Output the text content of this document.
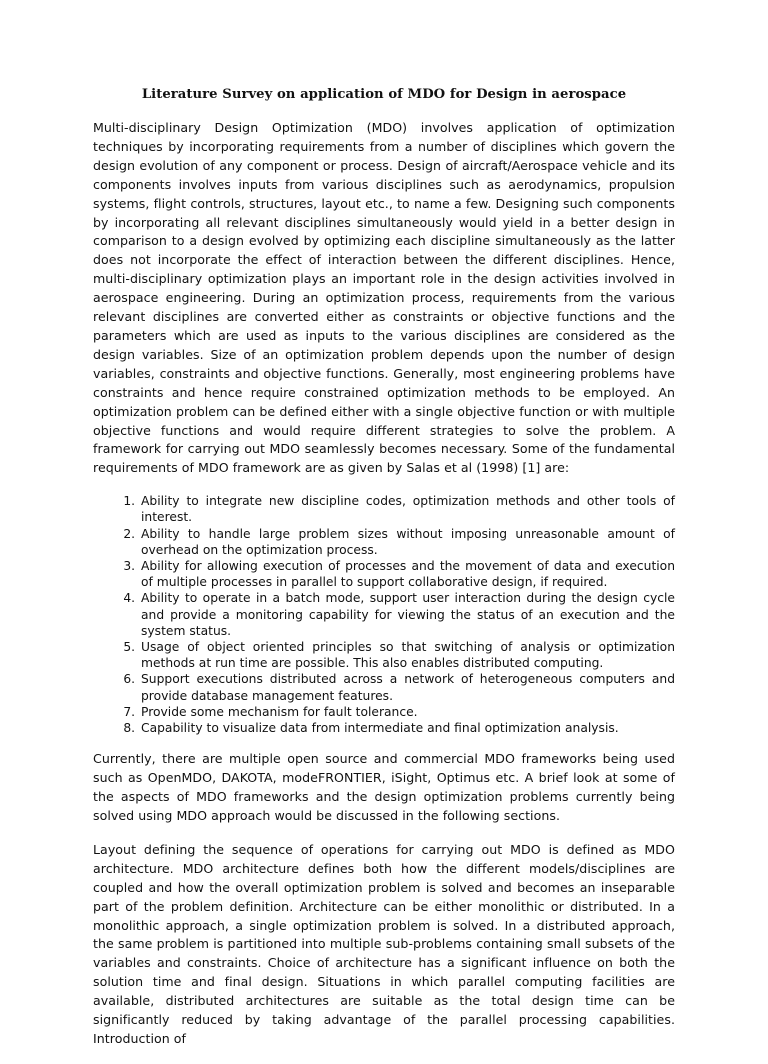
Literature Survey on application of MDO for Design in aerospace

Multi-disciplinary Design Optimization (MDO) involves application of optimization techniques by incorporating requirements from a number of disciplines which govern the design evolution of any component or process. Design of aircraft/Aerospace vehicle and its components involves inputs from various disciplines such as aerodynamics, propulsion systems, flight controls, structures, layout etc., to name a few. Designing such components by incorporating all relevant disciplines simultaneously would yield in a better design in comparison to a design evolved by optimizing each discipline simultaneously as the latter does not incorporate the effect of interaction between the different disciplines. Hence, multi-disciplinary optimization plays an important role in the design activities involved in aerospace engineering. During an optimization process, requirements from the various relevant disciplines are converted either as constraints or objective functions and the parameters which are used as inputs to the various disciplines are considered as the design variables. Size of an optimization problem depends upon the number of design variables, constraints and objective functions. Generally, most engineering problems have constraints and hence require constrained optimization methods to be employed. An optimization problem can be defined either with a single objective function or with multiple objective functions and would require different strategies to solve the problem. A framework for carrying out MDO seamlessly becomes necessary. Some of the fundamental requirements of MDO framework are as given by Salas et al (1998) [1] are:

1. Ability to integrate new discipline codes, optimization methods and other tools of interest.
2. Ability to handle large problem sizes without imposing unreasonable amount of overhead on the optimization process.
3. Ability for allowing execution of processes and the movement of data and execution of multiple processes in parallel to support collaborative design, if required.
4. Ability to operate in a batch mode, support user interaction during the design cycle and provide a monitoring capability for viewing the status of an execution and the system status.
5. Usage of object oriented principles so that switching of analysis or optimization methods at run time are possible. This also enables distributed computing.
6. Support executions distributed across a network of heterogeneous computers and provide database management features.
7. Provide some mechanism for fault tolerance.
8. Capability to visualize data from intermediate and final optimization analysis.

Currently, there are multiple open source and commercial MDO frameworks being used such as OpenMDO, DAKOTA, modeFRONTIER, iSight, Optimus etc. A brief look at some of the aspects of MDO frameworks and the design optimization problems currently being solved using MDO approach would be discussed in the following sections.

Layout defining the sequence of operations for carrying out MDO is defined as MDO architecture. MDO architecture defines both how the different models/disciplines are coupled and how the overall optimization problem is solved and becomes an inseparable part of the problem definition. Architecture can be either monolithic or distributed. In a monolithic approach, a single optimization problem is solved. In a distributed approach, the same problem is partitioned into multiple sub-problems containing small subsets of the variables and constraints. Choice of architecture has a significant influence on both the solution time and final design. Situations in which parallel computing facilities are available, distributed architectures are suitable as the total design time can be significantly reduced by taking advantage of the parallel processing capabilities. Introduction of
